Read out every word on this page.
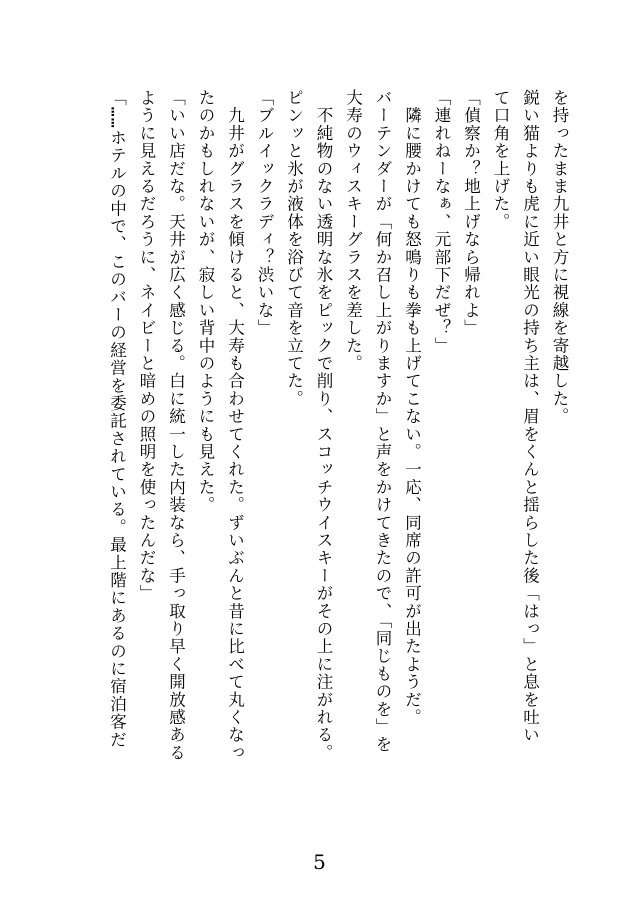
を持ったまま九井と方に視線を寄越した。
鋭い猫よりも虎に近い眼光の持ち主は、眉をくんと揺らした後「はっ」と息を吐い
て口角を上げた。
「偵察か？地上げなら帰れよ」
「連れねーなぁ、元部下だぜ？」
　隣に腰かけても怒鳴りも拳も上げてこない。一応、同席の許可が出たようだ。
バーテンダーが「何か召し上がりますか」と声をかけてきたので、「同じものを」を
大寿のウィスキーグラスを差した。
　不純物のない透明な氷をピックで削り、スコッチウイスキーがその上に注がれる。
ピンッと氷が液体を浴びて音を立てた。
「ブルイックラディ？渋いな」
　九井がグラスを傾けると、大寿も合わせてくれた。ずいぶんと昔に比べて丸くなっ
たのかもしれないが、寂しい背中のようにも見えた。
「いい店だな。天井が広く感じる。白に統一した内装なら、手っ取り早く開放感ある
ように見えるだろうに、ネイビーと暗めの照明を使ったんだな」
「……ホテルの中で、このバーの経営を委託されている。最上階にあるのに宿泊客だ
5
